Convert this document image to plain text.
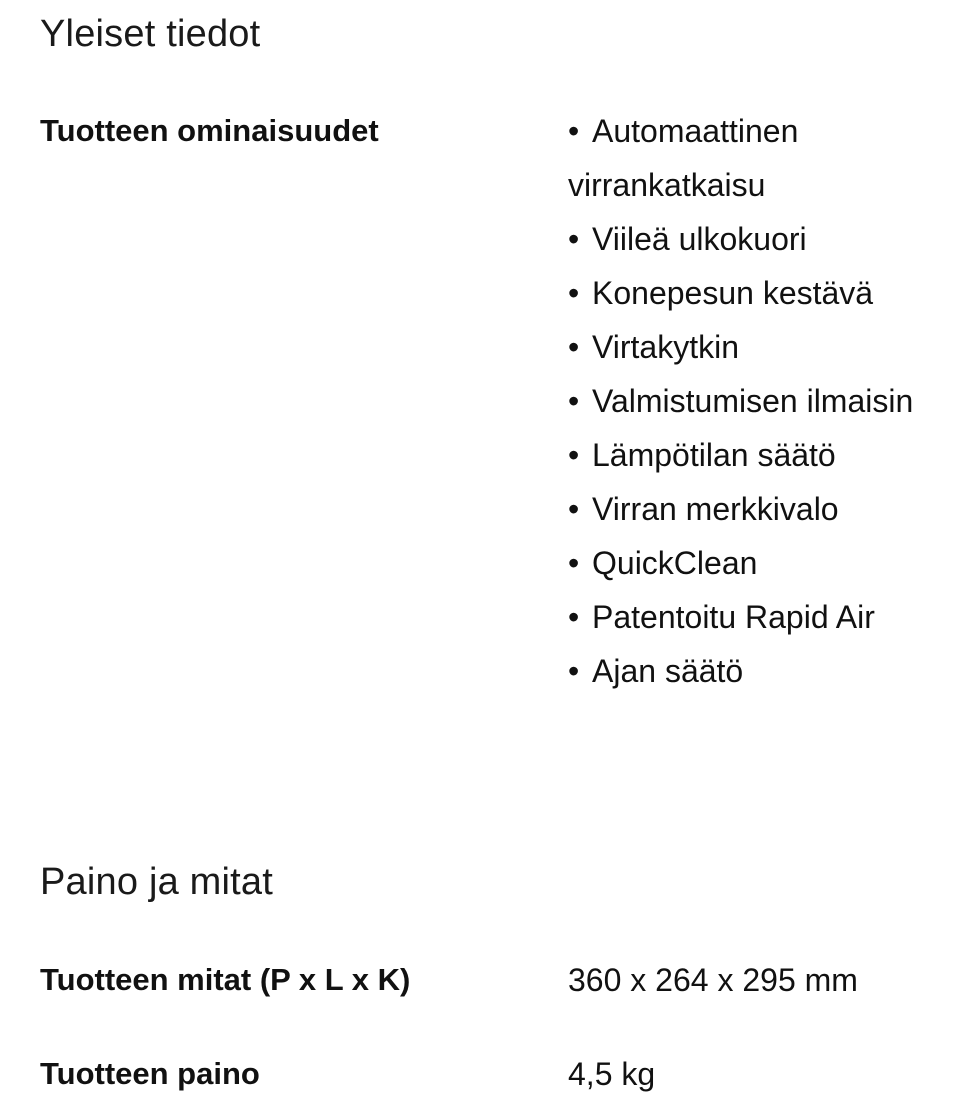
Yleiset tiedot
Tuotteen ominaisuudet	• Automaattinen virrankatkaisu
• Viileä ulkokuori
• Konepesun kestävä
• Virtakytkin
• Valmistumisen ilmaisin
• Lämpötilan säätö
• Virran merkkivalo
• QuickClean
• Patentoitu Rapid Air
• Ajan säätö
Paino ja mitat
Tuotteen mitat (P x L x K)	360 x 264 x 295 mm
Tuotteen paino	4,5 kg
